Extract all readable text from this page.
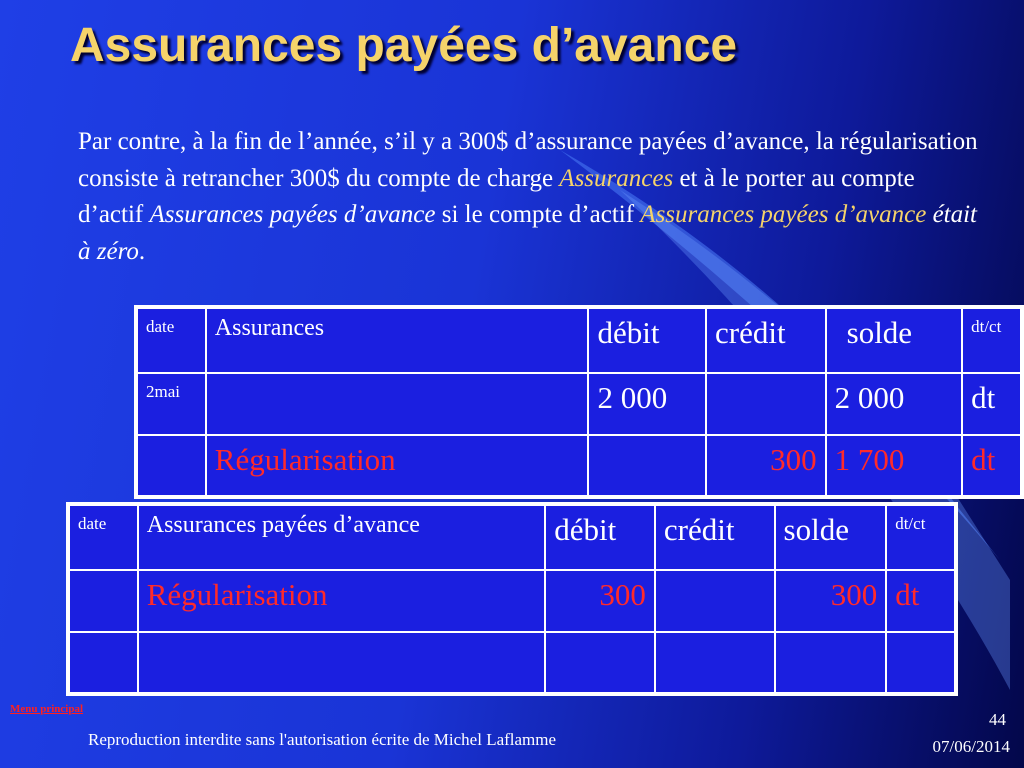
Assurances payées d’avance
Par contre, à la fin de l’année, s’il y a 300$ d’assurance payées d’avance, la régularisation consiste à retrancher 300$ du compte de charge Assurances et à le porter au compte d’actif Assurances payées d’avance si le compte d’actif Assurances payées d’avance était à zéro.
date	Assurances	débit	crédit	solde	dt/ct
2mai		2 000		2 000	dt
	Régularisation		300	1 700	dt
date	Assurances payées d’avance	débit	crédit	solde	dt/ct
	Régularisation	300		300	dt

Menu principal
Reproduction interdite sans l'autorisation écrite de Michel Laflamme
44
07/06/2014
